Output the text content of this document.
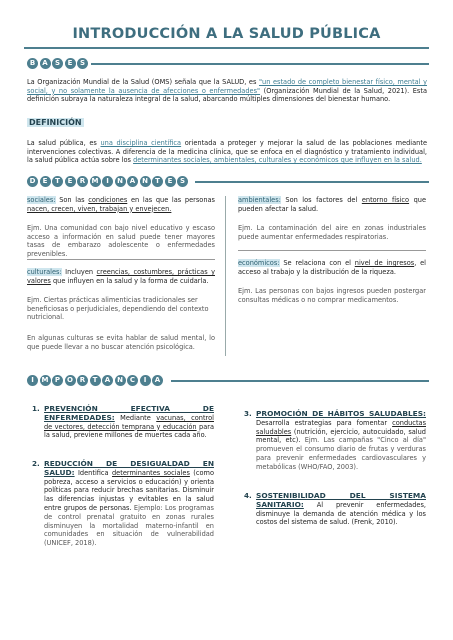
INTRODUCCIÓN A LA SALUD PÚBLICA
B	A	S	E	S
La Organización Mundial de la Salud (OMS) señala que la SALUD, es "un estado de completo bienestar físico, mental y social, y no solamente la ausencia de afecciones o enfermedades" (Organización Mundial de la Salud, 2021). Esta definición subraya la naturaleza integral de la salud, abarcando múltiples dimensiones del bienestar humano.
DEFINICIÓN
La salud pública, es una disciplina científica orientada a proteger y mejorar la salud de las poblaciones mediante intervenciones colectivas. A diferencia de la medicina clínica, que se enfoca en el diagnóstico y tratamiento individual, la salud pública actúa sobre los determinantes sociales, ambientales, culturales y económicos que influyen en la salud.
D	E	T	E	R M	I	N A N	T	E	S
sociales: Son las condiciones en las que las personas nacen, crecen, viven, trabajan y envejecen.
Ejm. Una comunidad con bajo nivel educativo y escaso acceso a información en salud puede tener mayores tasas de embarazo adolescente o enfermedades prevenibles.
culturales: Incluyen creencias, costumbres, prácticas y valores que influyen en la salud y la forma de cuidarla.
Ejm. Ciertas prácticas alimenticias tradicionales ser beneficiosas o perjudiciales, dependiendo del contexto nutricional.
En algunas culturas se evita hablar de salud mental, lo que puede llevar a no buscar atención psicológica.
ambientales: Son los factores del entorno físico que pueden afectar la salud.
Ejm. La contaminación del aire en zonas industriales puede aumentar enfermedades respiratorias.
económicos: Se relaciona con el nivel de ingresos, el acceso al trabajo y la distribución de la riqueza.
Ejm. Las personas con bajos ingresos pueden postergar consultas médicas o no comprar medicamentos.
I	M P O R	T	A N	C	I	A
1. PREVENCIÓN EFECTIVA DE ENFERMEDADES: Mediante vacunas, control de vectores, detección temprana y educación para la salud, previene millones de muertes cada año.
2. REDUCCIÓN DE DESIGUALDAD EN SALUD: Identifica determinantes sociales (como pobreza, acceso a servicios o educación) y orienta políticas para reducir brechas sanitarias. Disminuir las diferencias injustas y evitables en la salud entre grupos de personas. Ejemplo: Los programas de control prenatal gratuito en zonas rurales disminuyen la mortalidad materno-infantil en comunidades en situación de vulnerabilidad (UNICEF, 2018).
3. PROMOCIÓN DE HÁBITOS SALUDABLES: Desarrolla estrategias para fomentar conductas saludables (nutrición, ejercicio, autocuidado, salud mental, etc). Ejm. Las campañas "Cinco al día" promueven el consumo diario de frutas y verduras para prevenir enfermedades cardiovasculares y metabólicas (WHO/FAO, 2003).
4. SOSTENIBILIDAD DEL SISTEMA SANITARIO: Al prevenir enfermedades, disminuye la demanda de atención médica y los costos del sistema de salud. (Frenk, 2010).
